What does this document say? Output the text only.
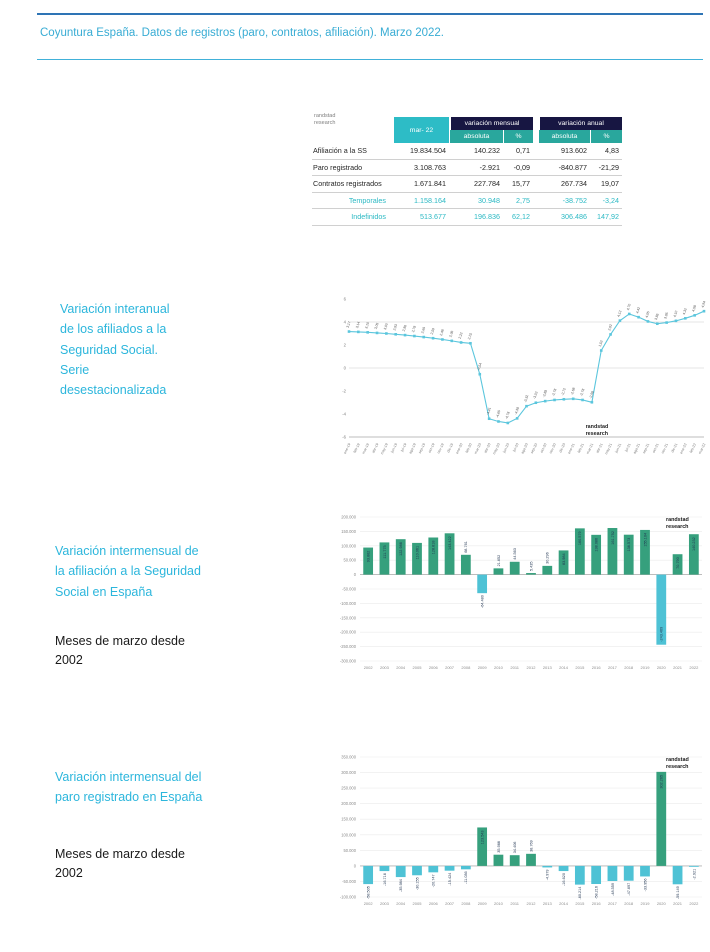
Coyuntura España. Datos de registros (paro, contratos, afiliación). Marzo 2022.
randstad
research
	mar- 22	variación mensual			variación anual	
		absoluta	%		absoluta	%
Afiliación a la SS	19.834.504	140.232	0,71		913.602	4,83
Paro registrado	3.108.763	-2.921	-0,09		-840.877	-21,29
Contratos registrados	1.671.841	227.784	15,77		267.734	19,07
Temporales	1.158.164	30.948	2,75		-38.752	-3,24
Indefinidos	513.677	196.836	62,12		306.486	147,92
Variación interanual de los afiliados a la Seguridad Social. Serie desestacionalizada
6
4
2
0
-2
-4
-6
3,17 3,14 3,10 3,05 3,00 2,93 2,86 2,78 2,69 2,59 2,48 2,36 2,22 2,15
-0,54
-4,41 -4,65 -4,78
-4,38
-3,32 -3,02 -2,88 -2,78 -2,72 -2,68 -2,78 -2,98
1,52
2,92
4,12
4,70 4,42
4,05 3,85 3,95 4,10 4,32 4,58
4,94
ene-19 feb-19 mar-19 abr-19 may-19 jun-19 jul-19 ago-19 sep-19 oct-19 nov-19 dic-19 ene-20 feb-20 mar-20 abr-20 may-20 jun-20 jul-20 ago-20 sep-20 oct-20 nov-20 dic-20 ene-21 feb-21 mar-21 abr-21 may-21 jun-21 jul-21 ago-21 sep-21 oct-21 nov-21 dic-21 ene-22 feb-22 mar-22
randstad
research
Variación intermensual de la afiliación a la Seguridad Social en España
Meses de marzo desde 2002
200.000
150.000
100.000
50.000
0
-50.000
-100.000
-150.000
-200.000
-250.000
-300.000
93.882	111.775	122.986	110.061	128.818	143.422	68.761
-64.480
21.652
44.563
5.435
30.296	83.984
160.579	138.086	161.752	138.573	155.104
-243.469
70.790
140.232
2002 2003 2004 2005 2006 2007 2008 2009 2010 2011 2012 2013 2014 2015 2016 2017 2018 2019 2020 2021 2022
randstad
research
Variación intermensual del paro registrado en España
Meses de marzo desde 2002
350.000
300.000
250.000
200.000
150.000
100.000
50.000
0
-50.000
-100.000	-58.505
-16.716	-35.984	-30.155	-20.747	-15.424	-11.036
123.543
35.988	34.406	38.769
-4.979	-16.620
-60.214	-58.216	-48.559	-47.697	-33.956
302.265
-59.149
-2.921
2002 2003 2004 2005 2006 2007 2008 2009 2010 2011 2012 2013 2014 2015 2016 2017 2018 2019 2020 2021 2022
randstad
research
